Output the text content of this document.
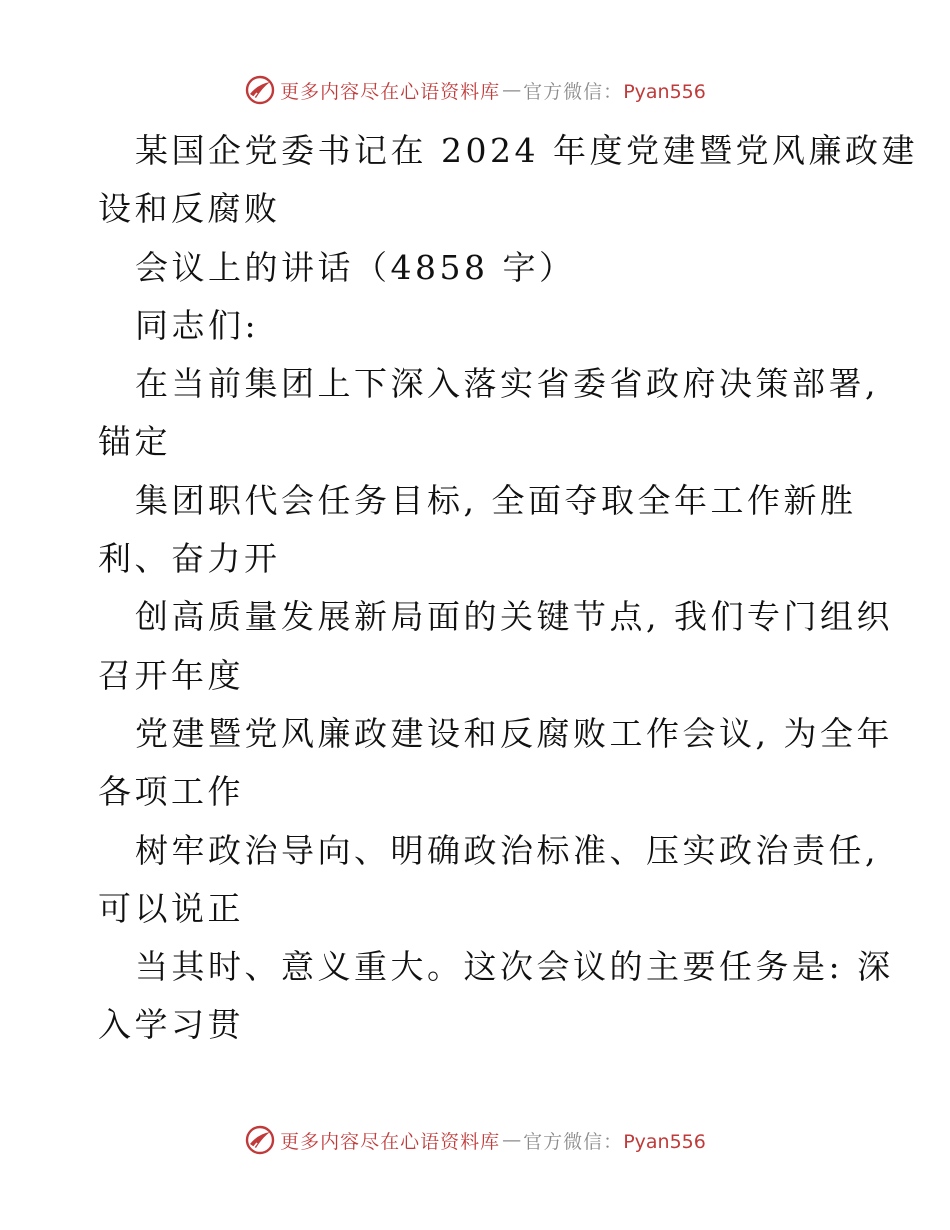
更多内容尽在心语资料库 — 官方微信：Pyan556
某国企党委书记在 2024 年度党建暨党风廉政建
设和反腐败
会议上的讲话（4858 字）
同志们:
在当前集团上下深入落实省委省政府决策部署,
锚定
集团职代会任务目标, 全面夺取全年工作新胜
利、奋力开
创高质量发展新局面的关键节点, 我们专门组织
召开年度
党建暨党风廉政建设和反腐败工作会议, 为全年
各项工作
树牢政治导向、明确政治标准、压实政治责任,
可以说正
当其时、意义重大。这次会议的主要任务是: 深
入学习贯
更多内容尽在心语资料库 — 官方微信：Pyan556
